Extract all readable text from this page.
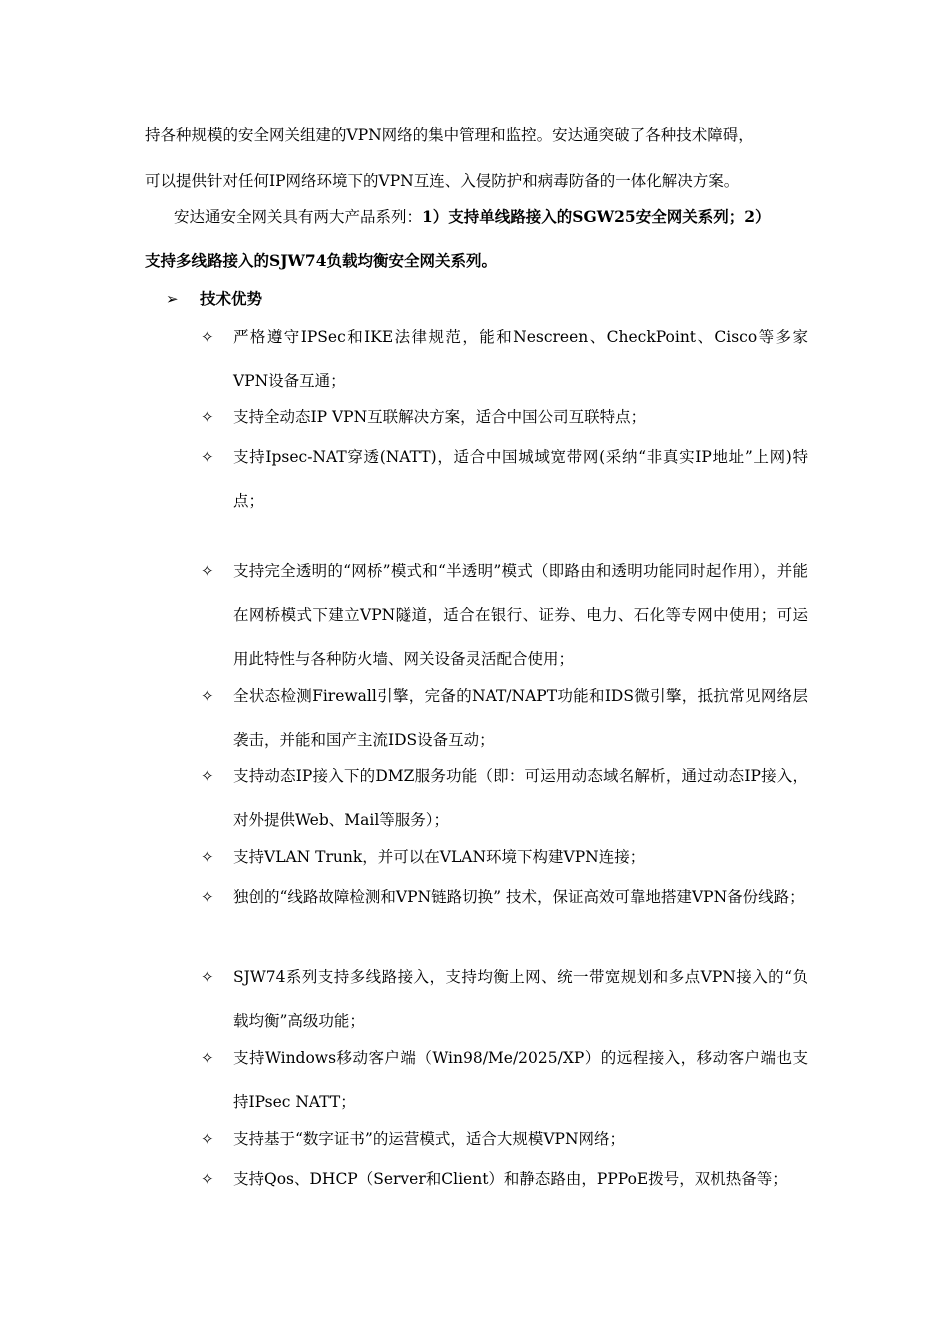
持各种规模的安全网关组建的VPN网络的集中管理和监控。安达通突破了各种技术障碍，
可以提供针对任何IP网络环境下的VPN互连、入侵防护和病毒防备的一体化解决方案。
安达通安全网关具有两大产品系列：1）支持单线路接入的SGW25安全网关系列；2）
支持多线路接入的SJW74负载均衡安全网关系列。
➢ 技术优势
✧ 严格遵守IPSec和IKE法律规范，能和Nescreen、CheckPoint、Cisco等多家VPN设备互通；
✧ 支持全动态IP VPN互联解决方案，适合中国公司互联特点；
✧ 支持Ipsec-NAT穿透(NATT)，适合中国城域宽带网(采纳“非真实IP地址”上网)特点；
✧ 支持完全透明的“网桥”模式和“半透明”模式（即路由和透明功能同时起作用），并能在网桥模式下建立VPN隧道，适合在银行、证券、电力、石化等专网中使用；可运用此特性与各种防火墙、网关设备灵活配合使用；
✧ 全状态检测Firewall引擎，完备的NAT/NAPT功能和IDS微引擎，抵抗常见网络层袭击，并能和国产主流IDS设备互动；
✧ 支持动态IP接入下的DMZ服务功能（即：可运用动态域名解析，通过动态IP接入，对外提供Web、Mail等服务）；
✧ 支持VLAN Trunk，并可以在VLAN环境下构建VPN连接；
✧ 独创的“线路故障检测和VPN链路切换” 技术，保证高效可靠地搭建VPN备份线路；
✧ SJW74系列支持多线路接入，支持均衡上网、统一带宽规划和多点VPN接入的“负载均衡”高级功能；
✧ 支持Windows移动客户端（Win98/Me/2025/XP）的远程接入，移动客户端也支持IPsec NATT；
✧ 支持基于“数字证书”的运营模式，适合大规模VPN网络；
✧ 支持Qos、DHCP（Server和Client）和静态路由，PPPoE拨号，双机热备等；
